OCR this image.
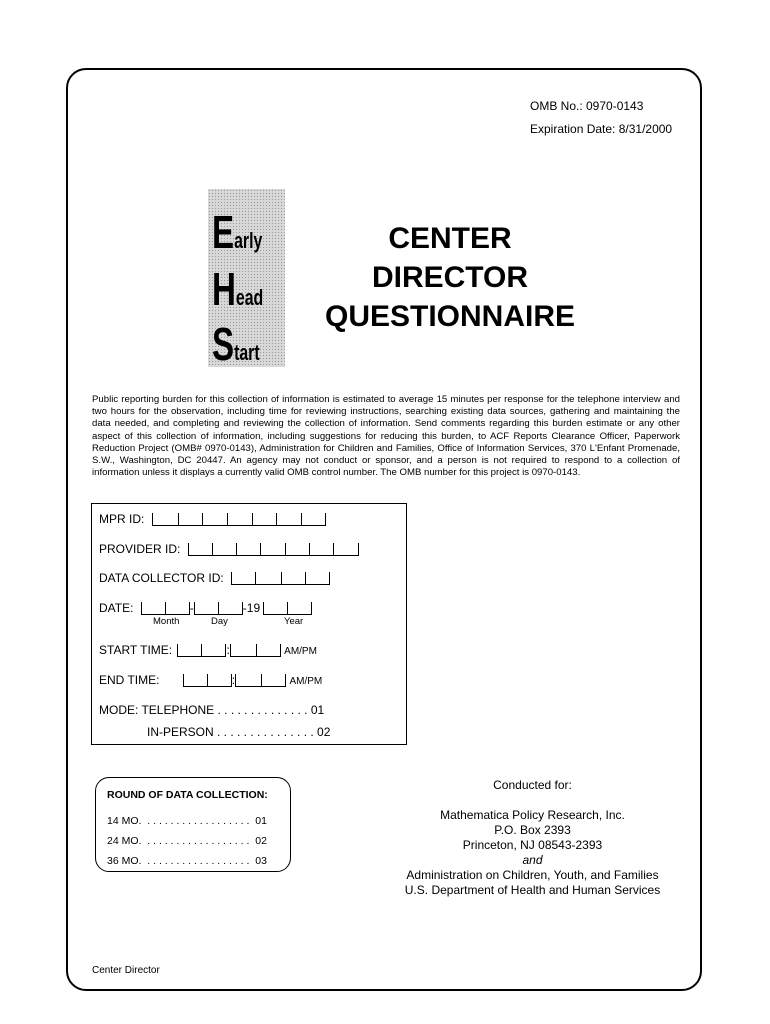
OMB No.: 0970-0143
Expiration Date: 8/31/2000
Early
Head
Start
CENTER
DIRECTOR
QUESTIONNAIRE
Public reporting burden for this collection of information is estimated to average 15 minutes per response for the telephone interview and two hours for the observation, including time for reviewing instructions, searching existing data sources, gathering and maintaining the data needed, and completing and reviewing the collection of information. Send comments regarding this burden estimate or any other aspect of this collection of information, including suggestions for reducing this burden, to ACF Reports Clearance Officer, Paperwork Reduction Project (OMB# 0970-0143), Administration for Children and Families, Office of Information Services, 370 L'Enfant Promenade, S.W., Washington, DC 20447. An agency may not conduct or sponsor, and a person is not required to respond to a collection of information unless it displays a currently valid OMB control number. The OMB number for this project is 0970-0143.
MPR ID:
PROVIDER ID:
DATA COLLECTOR ID:
DATE:	-	-19
Month	Day	Year
START TIME:	:	AM/PM
END TIME:	:	AM/PM
MODE: TELEPHONE . . . . . . . . . . . . . . 01
IN-PERSON . . . . . . . . . . . . . . . 02
ROUND OF DATA COLLECTION:
14 MO. . . . . . . . . . . . . . . . . . . 01
24 MO. . . . . . . . . . . . . . . . . . . 02
36 MO. . . . . . . . . . . . . . . . . . . 03
Conducted for:
Mathematica Policy Research, Inc.
P.O. Box 2393
Princeton, NJ 08543-2393
and
Administration on Children, Youth, and Families
U.S. Department of Health and Human Services
Center Director
